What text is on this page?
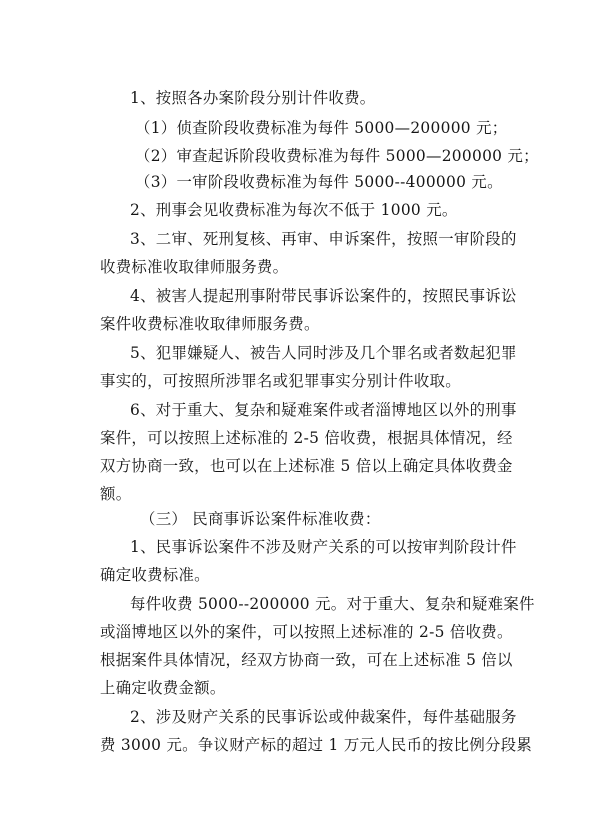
1、按照各办案阶段分别计件收费。
（1）侦查阶段收费标准为每件 5000—200000 元；
（2）审查起诉阶段收费标准为每件 5000—200000 元；
（3）一审阶段收费标准为每件 5000--400000 元。
2、刑事会见收费标准为每次不低于 1000 元。
3、二审、死刑复核、再审、申诉案件，按照一审阶段的
收费标准收取律师服务费。
4、被害人提起刑事附带民事诉讼案件的，按照民事诉讼
案件收费标准收取律师服务费。
5、犯罪嫌疑人、被告人同时涉及几个罪名或者数起犯罪
事实的，可按照所涉罪名或犯罪事实分别计件收取。
6、对于重大、复杂和疑难案件或者淄博地区以外的刑事
案件，可以按照上述标准的 2-5 倍收费，根据具体情况，经
双方协商一致，也可以在上述标准 5 倍以上确定具体收费金
额。
（三） 民商事诉讼案件标准收费：
1、民事诉讼案件不涉及财产关系的可以按审判阶段计件
确定收费标准。
每件收费 5000--200000 元。对于重大、复杂和疑难案件
或淄博地区以外的案件，可以按照上述标准的 2-5 倍收费。
根据案件具体情况，经双方协商一致，可在上述标准 5 倍以
上确定收费金额。
2、涉及财产关系的民事诉讼或仲裁案件，每件基础服务
费 3000 元。争议财产标的超过 1 万元人民币的按比例分段累
